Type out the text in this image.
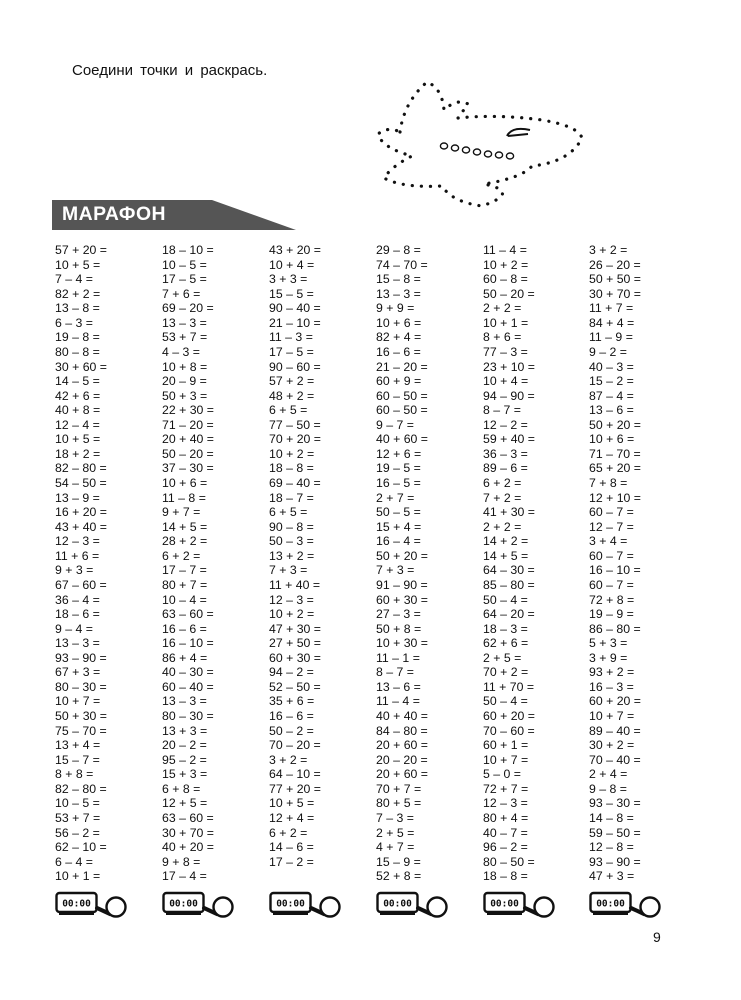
Соедини точки и раскрась.
МАРАФОН
57 + 20 =
10 + 5 =
7 – 4 =
82 + 2 =
13 – 8 =
6 – 3 =
19 – 8 =
80 – 8 =
30 + 60 =
14 – 5 =
42 + 6 =
40 + 8 =
12 – 4 =
10 + 5 =
18 + 2 =
82 – 80 =
54 – 50 =
13 – 9 =
16 + 20 =
43 + 40 =
12 – 3 =
11 + 6 =
9 + 3 =
67 – 60 =
36 – 4 =
18 – 6 =
9 – 4 =
13 – 3 =
93 – 90 =
67 + 3 =
80 – 30 =
10 + 7 =
50 + 30 =
75 – 70 =
13 + 4 =
15 – 7 =
8 + 8 =
82 – 80 =
10 – 5 =
53 + 7 =
56 – 2 =
62 – 10 =
6 – 4 =
10 + 1 =
18 – 10 =
10 – 5 =
17 – 5 =
7 + 6 =
69 – 20 =
13 – 3 =
53 + 7 =
4 – 3 =
10 + 8 =
20 – 9 =
50 + 3 =
22 + 30 =
71 – 20 =
20 + 40 =
50 – 20 =
37 – 30 =
10 + 6 =
11 – 8 =
9 + 7 =
14 + 5 =
28 + 2 =
6 + 2 =
17 – 7 =
80 + 7 =
10 – 4 =
63 – 60 =
16 – 6 =
16 – 10 =
86 + 4 =
40 – 30 =
60 – 40 =
13 – 3 =
80 – 30 =
13 + 3 =
20 – 2 =
95 – 2 =
15 + 3 =
6 + 8 =
12 + 5 =
63 – 60 =
30 + 70 =
40 + 20 =
9 + 8 =
17 – 4 =
43 + 20 =
10 + 4 =
3 + 3 =
15 – 5 =
90 – 40 =
21 – 10 =
11 – 3 =
17 – 5 =
90 – 60 =
57 + 2 =
48 + 2 =
6 + 5 =
77 – 50 =
70 + 20 =
10 + 2 =
18 – 8 =
69 – 40 =
18 – 7 =
6 + 5 =
90 – 8 =
50 – 3 =
13 + 2 =
7 + 3 =
11 + 40 =
12 – 3 =
10 + 2 =
47 + 30 =
27 + 50 =
60 + 30 =
94 – 2 =
52 – 50 =
35 + 6 =
16 – 6 =
50 – 2 =
70 – 20 =
3 + 2 =
64 – 10 =
77 + 20 =
10 + 5 =
12 + 4 =
6 + 2 =
14 – 6 =
17 – 2 =
29 – 8 =
74 – 70 =
15 – 8 =
13 – 3 =
9 + 9 =
10 + 6 =
82 + 4 =
16 – 6 =
21 – 20 =
60 + 9 =
60 – 50 =
60 – 50 =
9 – 7 =
40 + 60 =
12 + 6 =
19 – 5 =
16 – 5 =
2 + 7 =
50 – 5 =
15 + 4 =
16 – 4 =
50 + 20 =
7 + 3 =
91 – 90 =
60 + 30 =
27 – 3 =
50 + 8 =
10 + 30 =
11 – 1 =
8 – 7 =
13 – 6 =
11 – 4 =
40 + 40 =
84 – 80 =
20 + 60 =
20 – 20 =
20 + 60 =
70 + 7 =
80 + 5 =
7 – 3 =
2 + 5 =
4 + 7 =
15 – 9 =
52 + 8 =
11 – 4 =
10 + 2 =
60 – 8 =
50 – 20 =
2 + 2 =
10 + 1 =
8 + 6 =
77 – 3 =
23 + 10 =
10 + 4 =
94 – 90 =
8 – 7 =
12 – 2 =
59 + 40 =
36 – 3 =
89 – 6 =
6 + 2 =
7 + 2 =
41 + 30 =
2 + 2 =
14 + 2 =
14 + 5 =
64 – 30 =
85 – 80 =
50 – 4 =
64 – 20 =
18 – 3 =
62 + 6 =
2 + 5 =
70 + 2 =
11 + 70 =
50 – 4 =
60 + 20 =
70 – 60 =
60 + 1 =
10 + 7 =
5 – 0 =
72 + 7 =
12 – 3 =
80 + 4 =
40 – 7 =
96 – 2 =
80 – 50 =
18 – 8 =
3 + 2 =
26 – 20 =
50 + 50 =
30 + 70 =
11 + 7 =
84 + 4 =
11 – 9 =
9 – 2 =
40 – 3 =
15 – 2 =
87 – 4 =
13 – 6 =
50 + 20 =
10 + 6 =
71 – 70 =
65 + 20 =
7 + 8 =
12 + 10 =
60 – 7 =
12 – 7 =
3 + 4 =
60 – 7 =
16 – 10 =
60 – 7 =
72 + 8 =
19 – 9 =
86 – 80 =
5 + 3 =
3 + 9 =
93 + 2 =
16 – 3 =
60 + 20 =
10 + 7 =
89 – 40 =
30 + 2 =
70 – 40 =
2 + 4 =
9 – 8 =
93 – 30 =
14 – 8 =
59 – 50 =
12 – 8 =
93 – 90 =
47 + 3 =
00:00	00:00	00:00	00:00	00:00	00:00
9
